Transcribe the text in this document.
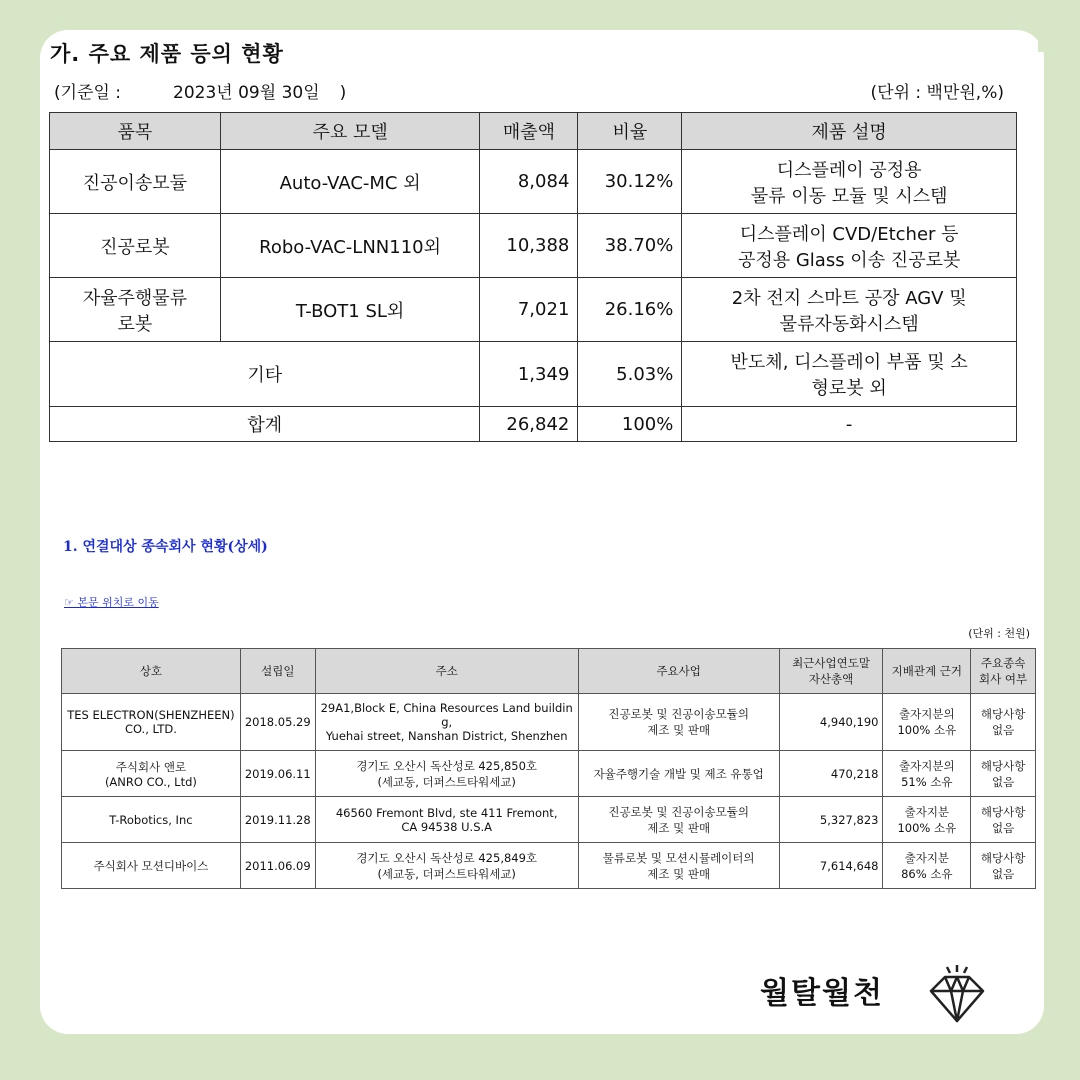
가. 주요 제품 등의 현황
(기준일 :	2023년 09월 30일 )	(단위 : 백만원,%)
품목	주요 모델	매출액	비율	제품 설명
진공이송모듈	Auto-VAC-MC 외	8,084	30.12%	디스플레이 공정용
물류 이동 모듈 및 시스템

진공로봇	Robo-VAC-LNN110외	10,388	38.70%	디스플레이 CVD/Etcher 등
공정용 Glass 이송 진공로봇

자율주행물류
로봇	T-BOT1 SL외	7,021	26.16%	2차 전지 스마트 공장 AGV 및
물류자동화시스템

기타		1,349	5.03%	반도체, 디스플레이 부품 및 소
형로봇 외

합계		26,842	100%	-
1. 연결대상 종속회사 현황(상세)
☞ 본문 위치로 이동
(단위 : 천원)
상호	설립일	주소	주요사업	최근사업연도말
자산총액	지배관계 근거	주요종속
회사 여부

TES ELECTRON(SHENZHEEN)
CO., LTD.	2018.05.29	29A1,Block E, China Resources Land buildin
g,
Yuehai street, Nanshan District, Shenzhen	진공로봇 및 진공이송모듈의
제조 및 판매	4,940,190	출자지분의
100% 소유	해당사항
없음

주식회사 앤로
(ANRO CO., Ltd)	2019.06.11	경기도 오산시 독산성로 425,850호
(세교동, 더퍼스트타워세교)	자율주행기술 개발 및 제조 유통업	470,218	출자지분의
51% 소유	해당사항
없음

T-Robotics, Inc	2019.11.28	46560 Fremont Blvd, ste 411 Fremont,
CA 94538 U.S.A	진공로봇 및 진공이송모듈의
제조 및 판매	5,327,823	출자지분
100% 소유	해당사항
없음

주식회사 모션디바이스	2011.06.09	경기도 오산시 독산성로 425,849호
(세교동, 더퍼스트타워세교)	물류로봇 및 모션시뮬레이터의
제조 및 판매	7,614,648	출자지분
86% 소유	해당사항
없음
월탈월천
